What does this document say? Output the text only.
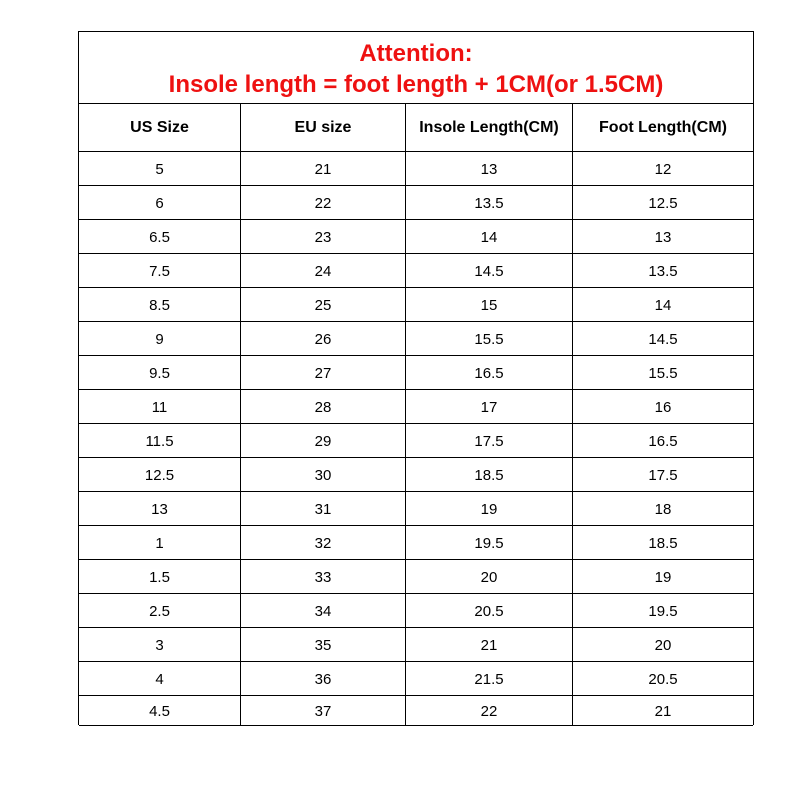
Attention:
Insole length = foot length + 1CM(or 1.5CM)
US Size	EU size	Insole Length(CM)	Foot Length(CM)
5	21	13	12
6	22	13.5	12.5
6.5	23	14	13
7.5	24	14.5	13.5
8.5	25	15	14
9	26	15.5	14.5
9.5	27	16.5	15.5
11	28	17	16
11.5	29	17.5	16.5
12.5	30	18.5	17.5
13	31	19	18
1	32	19.5	18.5
1.5	33	20	19
2.5	34	20.5	19.5
3	35	21	20
4	36	21.5	20.5
4.5	37	22	21
